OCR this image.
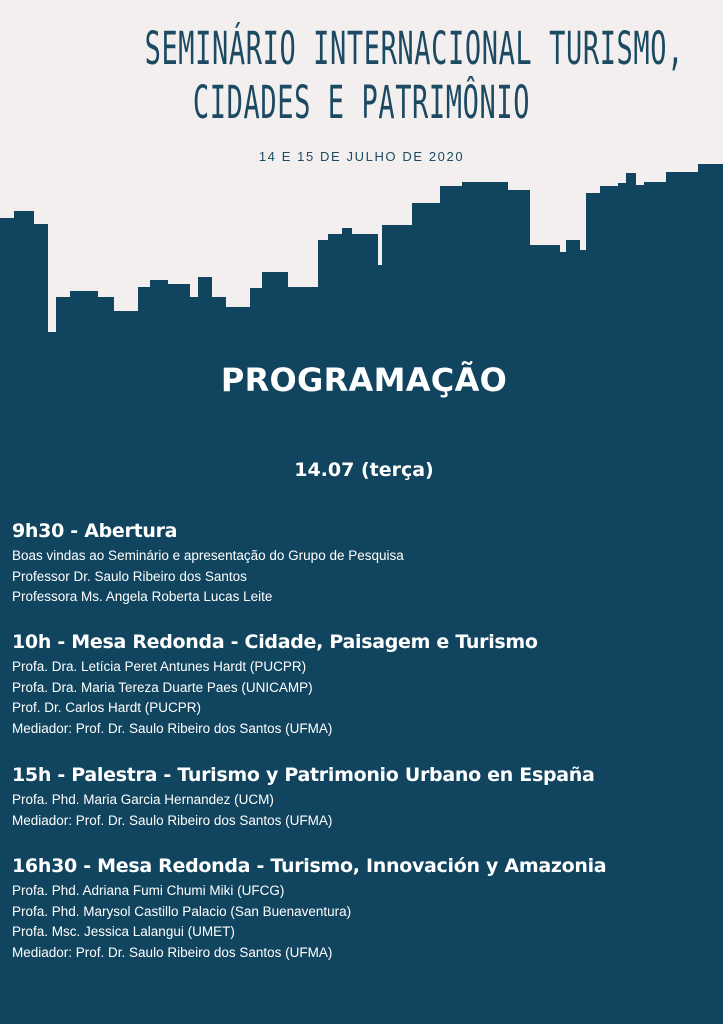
SEMINÁRIO INTERNACIONAL TURISMO,
CIDADES E PATRIMÔNIO

14 E 15 DE JULHO DE 2020

PROGRAMAÇÃO
14.07 (terça)
9h30 - Abertura
Boas vindas ao Seminário e apresentação do Grupo de Pesquisa
Professor Dr. Saulo Ribeiro dos Santos
Professora Ms. Angela Roberta Lucas Leite
10h - Mesa Redonda - Cidade, Paisagem e Turismo
Profa. Dra. Letícia Peret Antunes Hardt (PUCPR)
Profa. Dra. Maria Tereza Duarte Paes (UNICAMP)
Prof. Dr. Carlos Hardt (PUCPR)
Mediador: Prof. Dr. Saulo Ribeiro dos Santos (UFMA)
15h - Palestra - Turismo y Patrimonio Urbano en España
Profa. Phd. Maria Garcia Hernandez (UCM)
Mediador: Prof. Dr. Saulo Ribeiro dos Santos (UFMA)
16h30 - Mesa Redonda - Turismo, Innovación y Amazonia
Profa. Phd. Adriana Fumi Chumi Miki (UFCG)
Profa. Phd. Marysol Castillo Palacio (San Buenaventura)
Profa. Msc. Jessica Lalangui (UMET)
Mediador: Prof. Dr. Saulo Ribeiro dos Santos (UFMA)
